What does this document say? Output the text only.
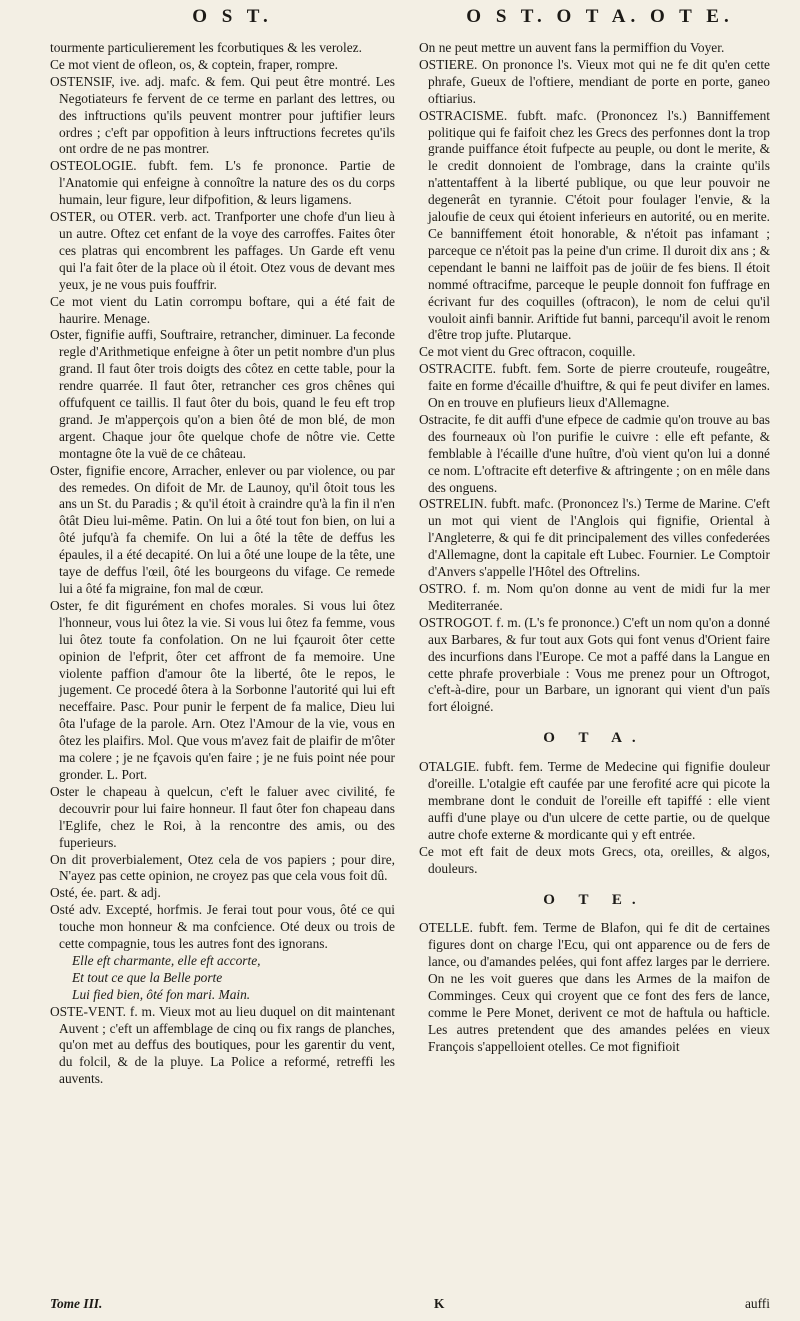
O S T.	O S T. O T A. O T E.

tourmente particulierement les fcorbutiques & les verolez.

Ce mot vient de ofleon, os, & coptein, fraper, rompre.

OSTENSIF, ive. adj. mafc. & fem. Qui peut être montré. Les Negotiateurs fe fervent de ce terme en parlant des lettres, ou des inftructions qu'ils peuvent montrer pour juftifier leurs ordres ; c'eft par oppofition à leurs inftructions fecretes qu'ils ont ordre de ne pas montrer.

OSTEOLOGIE. fubft. fem. L's fe prononce. Partie de l'Anatomie qui enfeigne à connoître la nature des os du corps humain, leur figure, leur difpofition, & leurs ligamens.

OSTER, ou OTER. verb. act. Tranfporter une chofe d'un lieu à un autre. Oftez cet enfant de la voye des carroffes. Faites ôter ces platras qui encombrent les paffages. Un Garde eft venu qui l'a fait ôter de la place où il étoit. Otez vous de devant mes yeux, je ne vous puis fouffrir.

Ce mot vient du Latin corrompu boftare, qui a été fait de haurire. Menage.

Oster, fignifie auffi, Souftraire, retrancher, diminuer. La feconde regle d'Arithmetique enfeigne à ôter un petit nombre d'un plus grand. Il faut ôter trois doigts des côtez en cette table, pour la rendre quarrée. Il faut ôter, retrancher ces gros chênes qui offufquent ce taillis. Il faut ôter du bois, quand le feu eft trop grand. Je m'apperçois qu'on a bien ôté de mon blé, de mon argent. Chaque jour ôte quelque chofe de nôtre vie. Cette montagne ôte la vuë de ce château.

Oster, fignifie encore, Arracher, enlever ou par violence, ou par des remedes. On difoit de Mr. de Launoy, qu'il ôtoit tous les ans un St. du Paradis ; & qu'il étoit à craindre qu'à la fin il n'en ôtât Dieu lui-même. Patin. On lui a ôté tout fon bien, on lui a ôté jufqu'à fa chemife. On lui a ôté la tête de deffus les épaules, il a été decapité. On lui a ôté une loupe de la tête, une taye de deffus l'œil, ôté les bourgeons du vifage. Ce remede lui a ôté fa migraine, fon mal de cœur.

Oster, fe dit figurément en chofes morales. Si vous lui ôtez l'honneur, vous lui ôtez la vie. Si vous lui ôtez fa femme, vous lui ôtez toute fa confolation. On ne lui fçauroit ôter cette opinion de l'efprit, ôter cet affront de fa memoire. Une violente paffion d'amour ôte la liberté, ôte le repos, le jugement. Ce procedé ôtera à la Sorbonne l'autorité qui lui eft neceffaire. Pasc. Pour punir le ferpent de fa malice, Dieu lui ôta l'ufage de la parole. Arn. Otez l'Amour de la vie, vous en ôtez les plaifirs. Mol. Que vous m'avez fait de plaifir de m'ôter ma colere ; je ne fçavois qu'en faire ; je ne fuis point née pour gronder. L. Port.

Oster le chapeau à quelcun, c'eft le faluer avec civilité, fe decouvrir pour lui faire honneur. Il faut ôter fon chapeau dans l'Eglife, chez le Roi, à la rencontre des amis, ou des fuperieurs.

On dit proverbialement, Otez cela de vos papiers ; pour dire, N'ayez pas cette opinion, ne croyez pas que cela vous foit dû.

Osté, ée. part. & adj.

Osté adv. Excepté, horfmis. Je ferai tout pour vous, ôté ce qui touche mon honneur & ma confcience. Oté deux ou trois de cette compagnie, tous les autres font des ignorans.

Elle eft charmante, elle eft accorte,

Et tout ce que la Belle porte

Lui fied bien, ôté fon mari. Main.

OSTE-VENT. f. m. Vieux mot au lieu duquel on dit maintenant Auvent ; c'eft un affemblage de cinq ou fix rangs de planches, qu'on met au deffus des boutiques, pour les garentir du vent, du folcil, & de la pluye. La Police a reformé, retreffi les auvents.

On ne peut mettre un auvent fans la permiffion du Voyer.

OSTIERE. On prononce l's. Vieux mot qui ne fe dit qu'en cette phrafe, Gueux de l'oftiere, mendiant de porte en porte, ganeo oftiarius.

OSTRACISME. fubft. mafc. (Prononcez l's.) Banniffement politique qui fe faifoit chez les Grecs des perfonnes dont la trop grande puiffance étoit fufpecte au peuple, ou dont le merite, & le credit donnoient de l'ombrage, dans la crainte qu'ils n'attentaffent à la liberté publique, ou que leur pouvoir ne degenerât en tyrannie. C'étoit pour foulager l'envie, & la jaloufie de ceux qui étoient inferieurs en autorité, ou en merite. Ce banniffement étoit honorable, & n'étoit pas infamant ; parceque ce n'étoit pas la peine d'un crime. Il duroit dix ans ; & cependant le banni ne laiffoit pas de joüir de fes biens. Il étoit nommé oftracifme, parceque le peuple donnoit fon fuffrage en écrivant fur des coquilles (oftracon), le nom de celui qu'il vouloit ainfi bannir. Ariftide fut banni, parcequ'il avoit le renom d'être trop jufte. Plutarque.

Ce mot vient du Grec oftracon, coquille.

OSTRACITE. fubft. fem. Sorte de pierre crouteufe, rougeâtre, faite en forme d'écaille d'huiftre, & qui fe peut divifer en lames. On en trouve en plufieurs lieux d'Allemagne.

Ostracite, fe dit auffi d'une efpece de cadmie qu'on trouve au bas des fourneaux où l'on purifie le cuivre : elle eft pefante, & femblable à l'écaille d'une huître, d'où vient qu'on lui a donné ce nom. L'oftracite eft deterfive & aftringente ; on en mêle dans des onguens.

OSTRELIN. fubft. mafc. (Prononcez l's.) Terme de Marine. C'eft un mot qui vient de l'Anglois qui fignifie, Oriental à l'Angleterre, & qui fe dit principalement des villes confederées d'Allemagne, dont la capitale eft Lubec. Fournier. Le Comptoir d'Anvers s'appelle l'Hôtel des Oftrelins.

OSTRO. f. m. Nom qu'on donne au vent de midi fur la mer Mediterranée.

OSTROGOT. f. m. (L's fe prononce.) C'eft un nom qu'on a donné aux Barbares, & fur tout aux Gots qui font venus d'Orient faire des incurfions dans l'Europe. Ce mot a paffé dans la Langue en cette phrafe proverbiale : Vous me prenez pour un Oftrogot, c'eft-à-dire, pour un Barbare, un ignorant qui vient d'un païs fort éloigné.

O T A.

OTALGIE. fubft. fem. Terme de Medecine qui fignifie douleur d'oreille. L'otalgie eft caufée par une ferofité acre qui picote la membrane dont le conduit de l'oreille eft tapiffé : elle vient auffi d'une playe ou d'un ulcere de cette partie, ou de quelque autre chofe externe & mordicante qui y eft entrée.

Ce mot eft fait de deux mots Grecs, ota, oreilles, & algos, douleurs.

O T E.

OTELLE. fubft. fem. Terme de Blafon, qui fe dit de certaines figures dont on charge l'Ecu, qui ont apparence ou de fers de lance, ou d'amandes pelées, qui font affez larges par le derriere. On ne les voit gueres que dans les Armes de la maifon de Comminges. Ceux qui croyent que ce font des fers de lance, comme le Pere Monet, derivent ce mot de haftula ou hafticle. Les autres pretendent que des amandes pelées en vieux François s'appelloient otelles. Ce mot fignifioit

Tome III.	K	auffi
